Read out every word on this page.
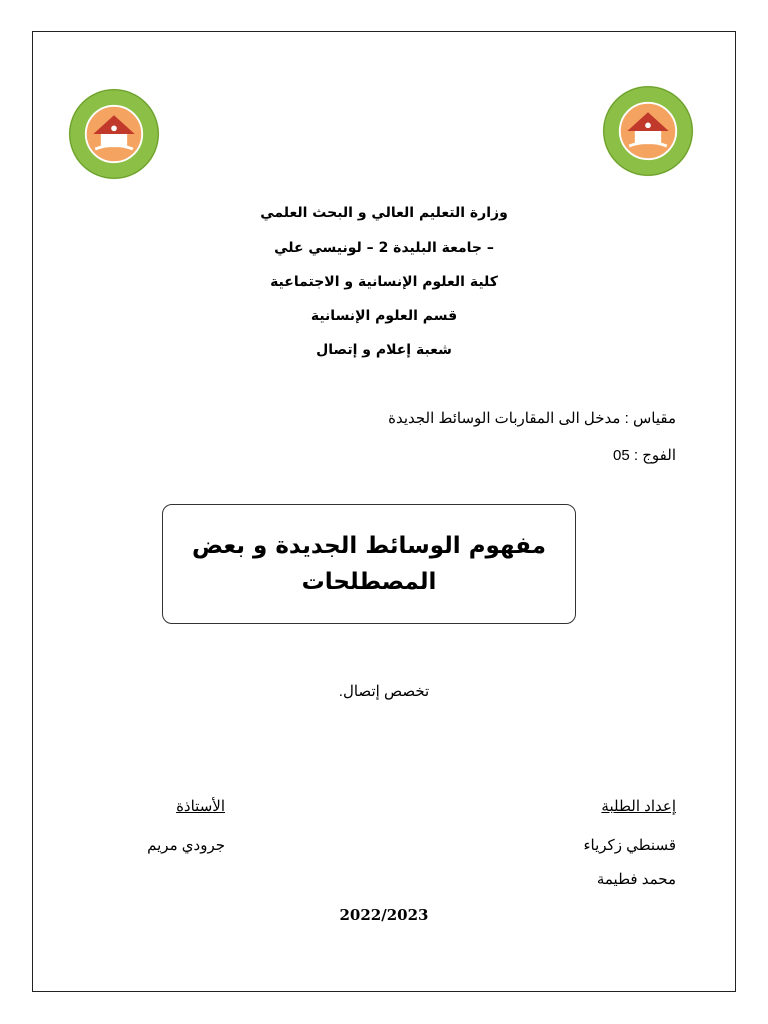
وزارة التعليم العالي و البحث العلمي
– جامعة البليدة 2 – لونيسي علي
كلية العلوم الإنسانية و الاجتماعية
قسم العلوم الإنسانية
شعبة إعلام و إتصال
مقياس : مدخل الى المقاربات الوسائط الجديدة
الفوج : 05
مفهوم الوسائط الجديدة و بعض
المصطلحات
تخصص إتصال.
إعداد الطلبة
قسنطي زكرياء
محمد فطيمة
الأستاذة
جرودي مريم
2022/2023
